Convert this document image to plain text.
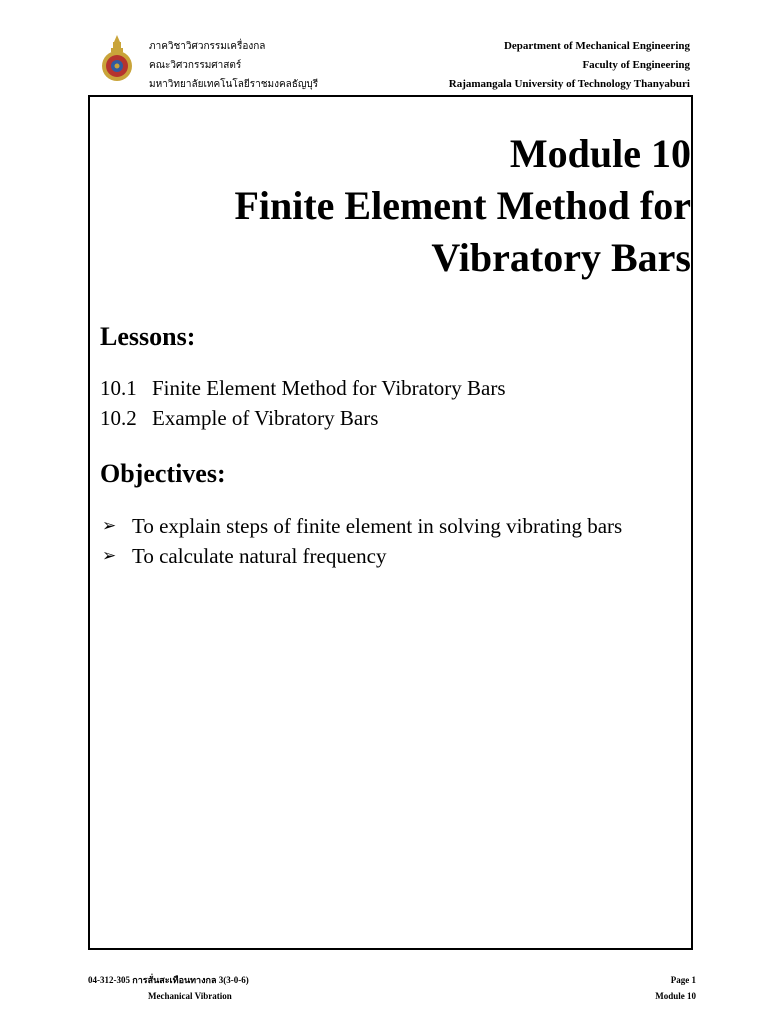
ภาควิชาวิศวกรรมเครื่องกล
คณะวิศวกรรมศาสตร์
มหาวิทยาลัยเทคโนโลยีราชมงคลธัญบุรี
Department of Mechanical Engineering
Faculty of Engineering
Rajamangala University of Technology Thanyaburi
Module 10
Finite Element Method for
Vibratory Bars
Lessons:
10.1 Finite Element Method for Vibratory Bars
10.2 Example of Vibratory Bars
Objectives:
➢ To explain steps of finite element in solving vibrating bars
➢ To calculate natural frequency
04-312-305 การสั่นสะเทือนทางกล 3(3-0-6)
Mechanical Vibration
Page 1
Module 10
